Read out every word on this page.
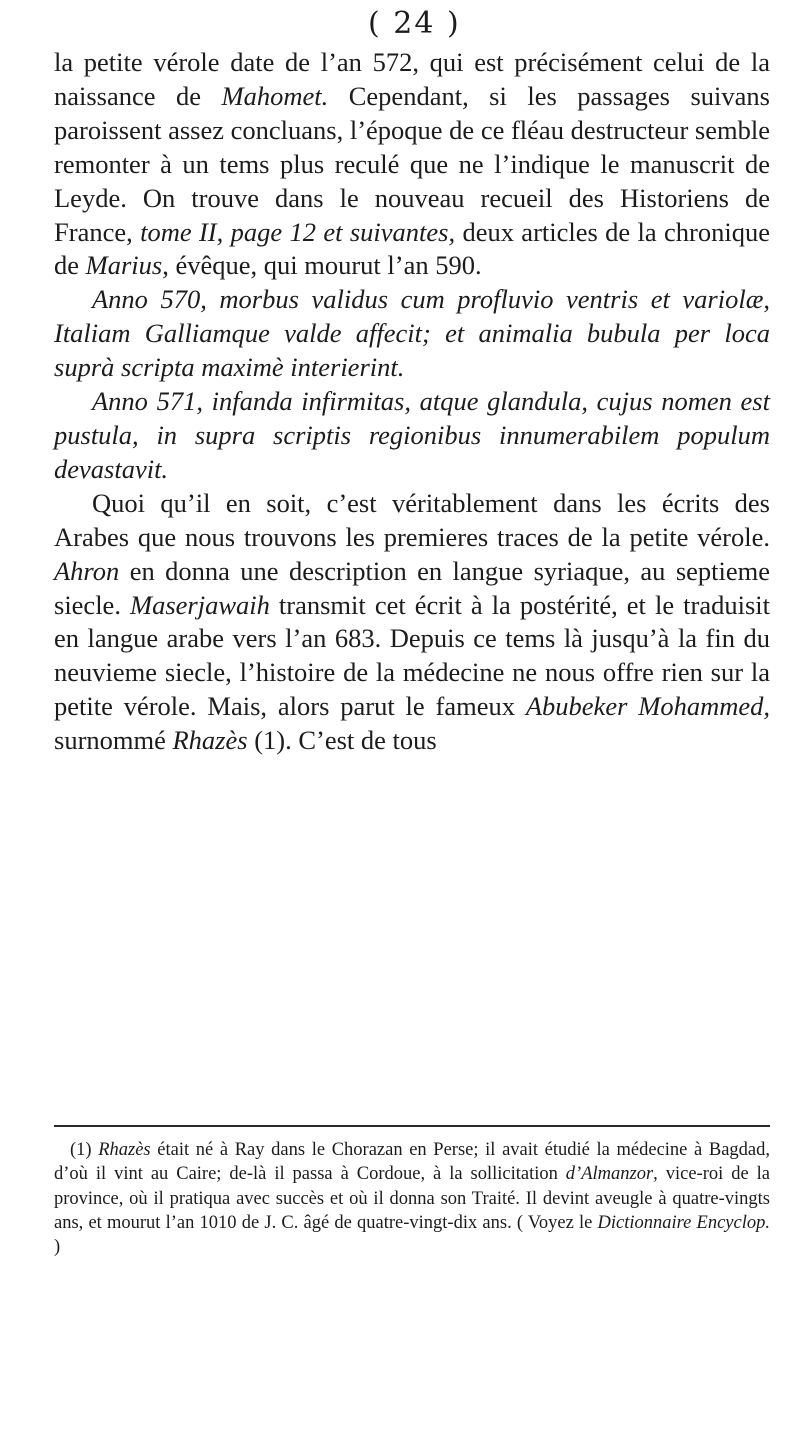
( 24 )

la petite vérole date de l’an 572, qui est précisément celui de la naissance de Mahomet. Cependant, si les passages suivans paroissent assez concluans, l’époque de ce fléau destructeur semble remonter à un tems plus reculé que ne l’indique le manuscrit de Leyde. On trouve dans le nouveau recueil des Historiens de France, tome II, page 12 et suivantes, deux articles de la chronique de Marius, évêque, qui mourut l’an 590.

Anno 570, morbus validus cum profluvio ventris et variolæ, Italiam Galliamque valde affecit; et animalia bubula per loca suprà scripta maximè interierint.

Anno 571, infanda infirmitas, atque glandula, cujus nomen est pustula, in supra scriptis regionibus innumerabilem populum devastavit.

Quoi qu’il en soit, c’est véritablement dans les écrits des Arabes que nous trouvons les premieres traces de la petite vérole. Ahron en donna une description en langue syriaque, au septieme siecle. Maserjawaih transmit cet écrit à la postérité, et le traduisit en langue arabe vers l’an 683. Depuis ce tems là jusqu’à la fin du neuvieme siecle, l’histoire de la médecine ne nous offre rien sur la petite vérole. Mais, alors parut le fameux Abubeker Mohammed, surnommé Rhazès (1). C’est de tous

(1) Rhazès était né à Ray dans le Chorazan en Perse; il avait étudié la médecine à Bagdad, d’où il vint au Caire; de-là il passa à Cordoue, à la sollicitation d’Almanzor, vice-roi de la province, où il pratiqua avec succès et où il donna son Traité. Il devint aveugle à quatre-vingts ans, et mourut l’an 1010 de J. C. âgé de quatre-vingt-dix ans. ( Voyez le Dictionnaire Encyclop. )
